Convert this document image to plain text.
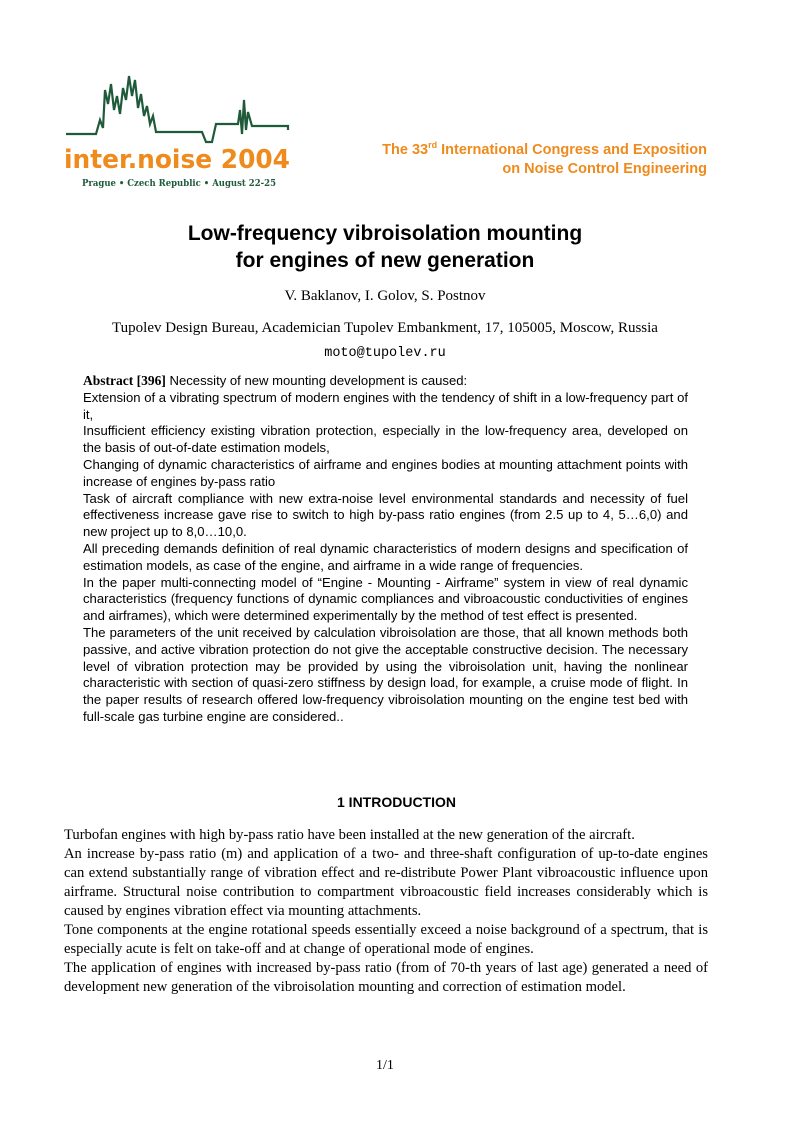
inter.noise 2004
Prague • Czech Republic • August 22-25
The 33rd International Congress and Exposition
on Noise Control Engineering
Low-frequency vibroisolation mounting
for engines of new generation
V. Baklanov, I. Golov, S. Postnov
Tupolev Design Bureau, Academician Tupolev Embankment, 17, 105005, Moscow, Russia
moto@tupolev.ru

Abstract [396] Necessity of new mounting development is caused:

Extension of a vibrating spectrum of modern engines with the tendency of shift in a low-frequency part of it,

Insufficient efficiency existing vibration protection, especially in the low-frequency area, developed on the basis of out-of-date estimation models,

Changing of dynamic characteristics of airframe and engines bodies at mounting attachment points with increase of engines by-pass ratio

Task of aircraft compliance with new extra-noise level environmental standards and necessity of fuel effectiveness increase gave rise to switch to high by-pass ratio engines (from 2.5 up to 4, 5…6,0) and new project up to 8,0…10,0.

All preceding demands definition of real dynamic characteristics of modern designs and specification of estimation models, as case of the engine, and airframe in a wide range of frequencies.

In the paper multi-connecting model of “Engine - Mounting - Airframe” system in view of real dynamic characteristics (frequency functions of dynamic compliances and vibroacoustic conductivities of engines and airframes), which were determined experimentally by the method of test effect is presented.

The parameters of the unit received by calculation vibroisolation are those, that all known methods both passive, and active vibration protection do not give the acceptable constructive decision. The necessary level of vibration protection may be provided by using the vibroisolation unit, having the nonlinear characteristic with section of quasi-zero stiffness by design load, for example, a cruise mode of flight. In the paper results of research offered low-frequency vibroisolation mounting on the engine test bed with full-scale gas turbine engine are considered..

1 INTRODUCTION

Turbofan engines with high by-pass ratio have been installed at the new generation of the aircraft.

An increase by-pass ratio (m) and application of a two- and three-shaft configuration of up-to-date engines can extend substantially range of vibration effect and re-distribute Power Plant vibroacoustic influence upon airframe. Structural noise contribution to compartment vibroacoustic field increases considerably which is caused by engines vibration effect via mounting attachments.

Tone components at the engine rotational speeds essentially exceed a noise background of a spectrum, that is especially acute is felt on take-off and at change of operational mode of engines.

The application of engines with increased by-pass ratio (from of 70-th years of last age) generated a need of development new generation of the vibroisolation mounting and correction of estimation model.

1/1
